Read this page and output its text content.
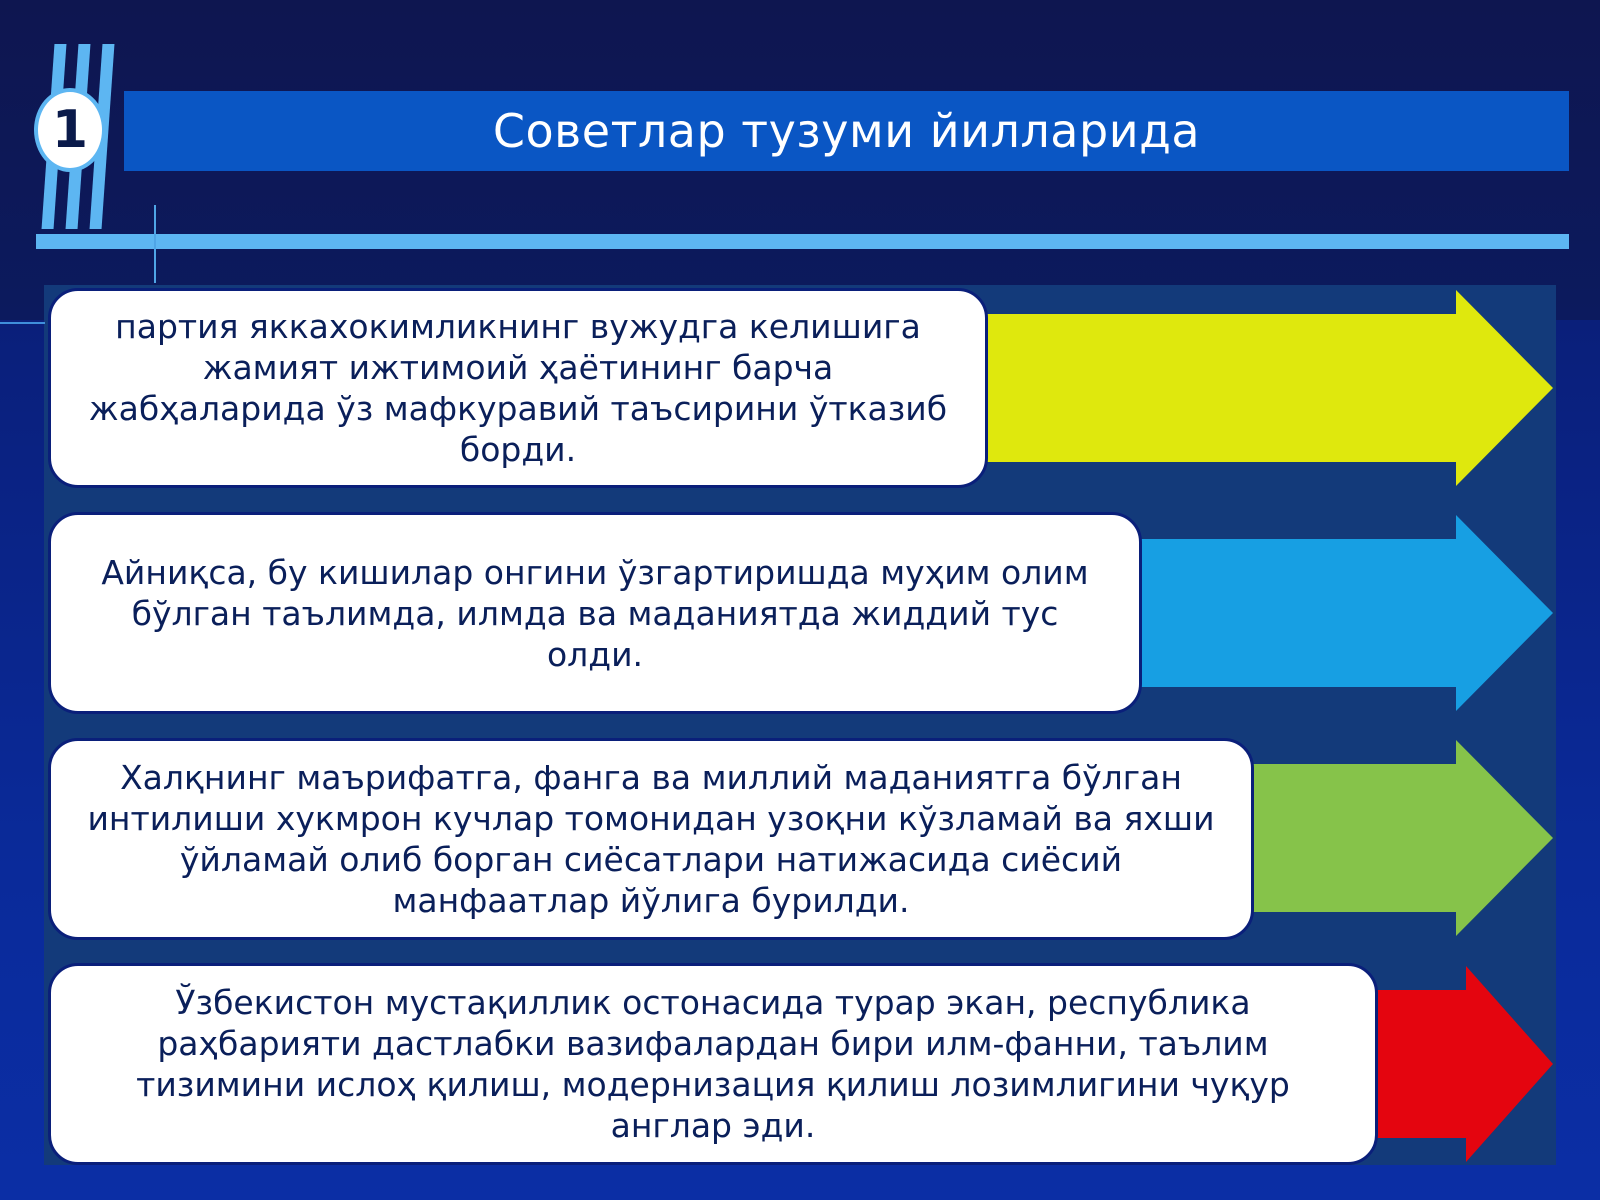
Советлар тузуми йилларида
1
партия яккахокимликнинг вужудга келишига жамият ижтимоий ҳаётининг барча жабҳаларида ўз мафкуравий таъсирини ўтказиб борди.
Айниқса, бу кишилар онгини ўзгартиришда муҳим олим бўлган таълимда, илмда ва маданиятда жиддий тус олди.
Халқнинг маърифатга, фанга ва миллий маданиятга бўлган интилиши хукмрон кучлар томонидан узоқни кўзламай ва яхши ўйламай олиб борган сиёсатлари натижасида сиёсий манфаатлар йўлига бурилди.
Ўзбекистон мустақиллик остонасида турар экан, республика раҳбарияти дастлабки вазифалардан бири илм-фанни, таълим тизимини ислоҳ қилиш, модернизация қилиш лозимлигини чуқур англар эди.
